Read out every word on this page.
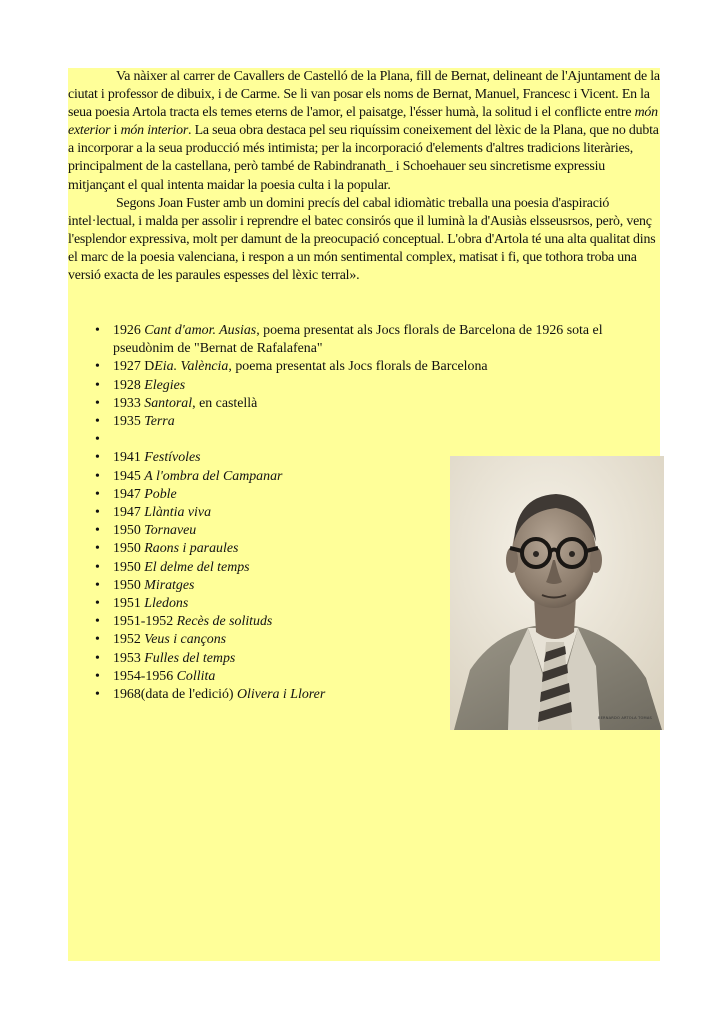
Va nàixer al carrer de Cavallers de Castelló de la Plana, fill de Bernat, delineant de l'Ajuntament de la ciutat i professor de dibuix, i de Carme. Se li van posar els noms de Bernat, Manuel, Francesc i Vicent. En la seua poesia Artola tracta els temes eterns de l'amor, el paisatge, l'ésser humà, la solitud i el conflicte entre món exterior i món interior. La seua obra destaca pel seu riquíssim coneixement del lèxic de la Plana, que no dubta a incorporar a la seua producció més intimista; per la incorporació d'elements d'altres tradicions literàries, principalment de la castellana, però també de Rabindranath_ i Schoehauer seu sincretisme expressiu mitjançant el qual intenta maidar la poesia culta i la popular.

Segons Joan Fuster amb un domini precís del cabal idiomàtic treballa una poesia d'aspiració intel·lectual, i malda per assolir i reprendre el batec consirós que il luminà la d'Ausiàs elsseusrsos, però, venç l'esplendor expressiva, molt per damunt de la preocupació conceptual. L'obra d'Artola té una alta qualitat dins el marc de la poesia valenciana, i respon a un món sentimental complex, matisat i fi, que tothora troba una versió exacta de les paraules espesses del lèxic terral».

• 1926 Cant d'amor. Ausias, poema presentat als Jocs florals de Barcelona de 1926 sota el pseudònim de "Bernat de Rafalafena"
• 1927 DEia. València, poema presentat als Jocs florals de Barcelona
• 1928 Elegies
• 1933 Santoral, en castellà
• 1935 Terra
•

• 1941 Festívoles
• 1945 A l'ombra del Campanar
• 1947 Poble
• 1947 Llàntia viva
• 1950 Tornaveu
• 1950 Raons i paraules
• 1950 El delme del temps
• 1950 Miratges
• 1951 Lledons
• 1951-1952 Recès de solituds
• 1952 Veus i cançons
• 1953 Fulles del temps
• 1954-1956 Collita
• 1968(data de l'edició) Olivera i Llorer
BERNARDO ARTOLA TOMAS
